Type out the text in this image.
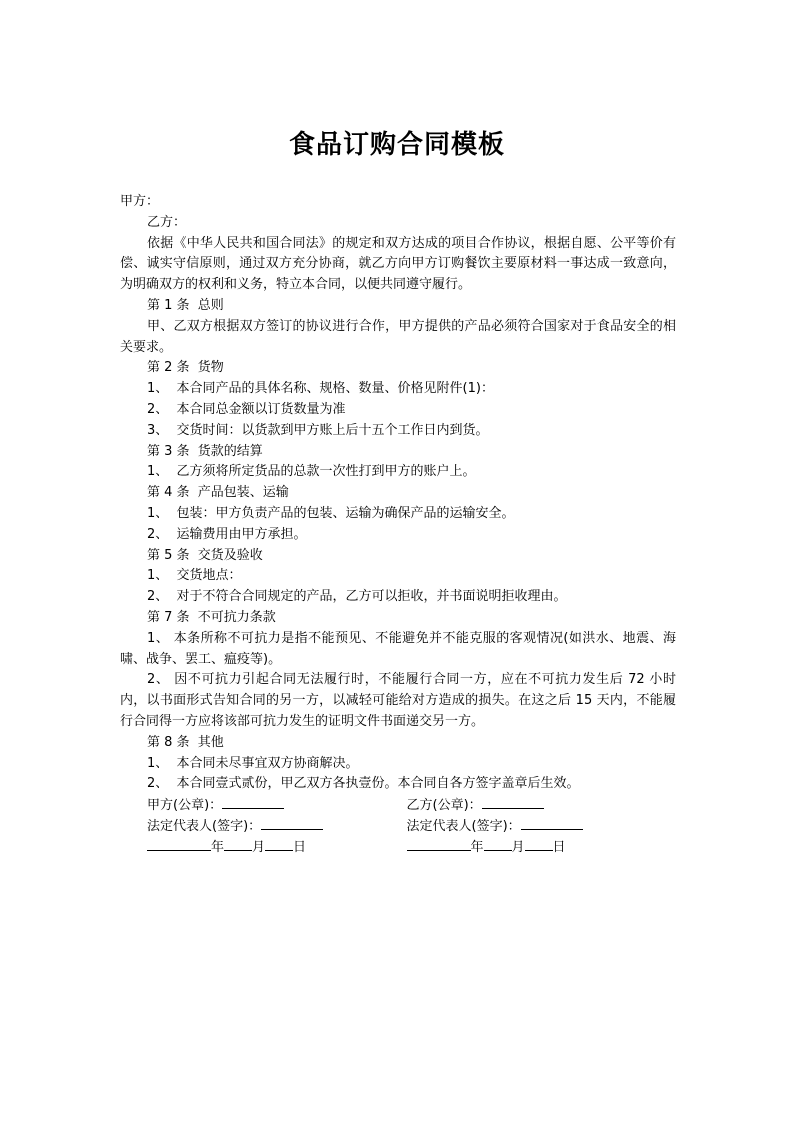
食品订购合同模板
甲方：
乙方：
依据《中华人民共和国合同法》的规定和双方达成的项目合作协议，根据自愿、公平等价有偿、诚实守信原则，通过双方充分协商，就乙方向甲方订购餐饮主要原材料一事达成一致意向，为明确双方的权利和义务，特立本合同，以便共同遵守履行。
第 1 条  总则
甲、乙双方根据双方签订的协议进行合作，甲方提供的产品必须符合国家对于食品安全的相关要求。
第 2 条  货物
1、  本合同产品的具体名称、规格、数量、价格见附件(1)：
2、  本合同总金额以订货数量为准
3、  交货时间：以货款到甲方账上后十五个工作日内到货。
第 3 条  货款的结算
1、  乙方须将所定货品的总款一次性打到甲方的账户上。
第 4 条  产品包装、运输
1、  包装：甲方负责产品的包装、运输为确保产品的运输安全。
2、  运输费用由甲方承担。
第 5 条  交货及验收
1、  交货地点：
2、  对于不符合合同规定的产品，乙方可以拒收，并书面说明拒收理由。
第 7 条  不可抗力条款
1、 本条所称不可抗力是指不能预见、不能避免并不能克服的客观情况(如洪水、地震、海啸、战争、罢工、瘟疫等)。
2、 因不可抗力引起合同无法履行时，不能履行合同一方，应在不可抗力发生后 72 小时内，以书面形式告知合同的另一方，以减轻可能给对方造成的损失。在这之后 15 天内，不能履行合同得一方应将该部可抗力发生的证明文件书面递交另一方。
第 8 条  其他
1、  本合同未尽事宜双方协商解决。
2、  本合同壹式贰份，甲乙双方各执壹份。本合同自各方签字盖章后生效。
甲方(公章)：	乙方(公章)：
法定代表人(签字)：	法定代表人(签字)：
年 月 日	年 月 日
